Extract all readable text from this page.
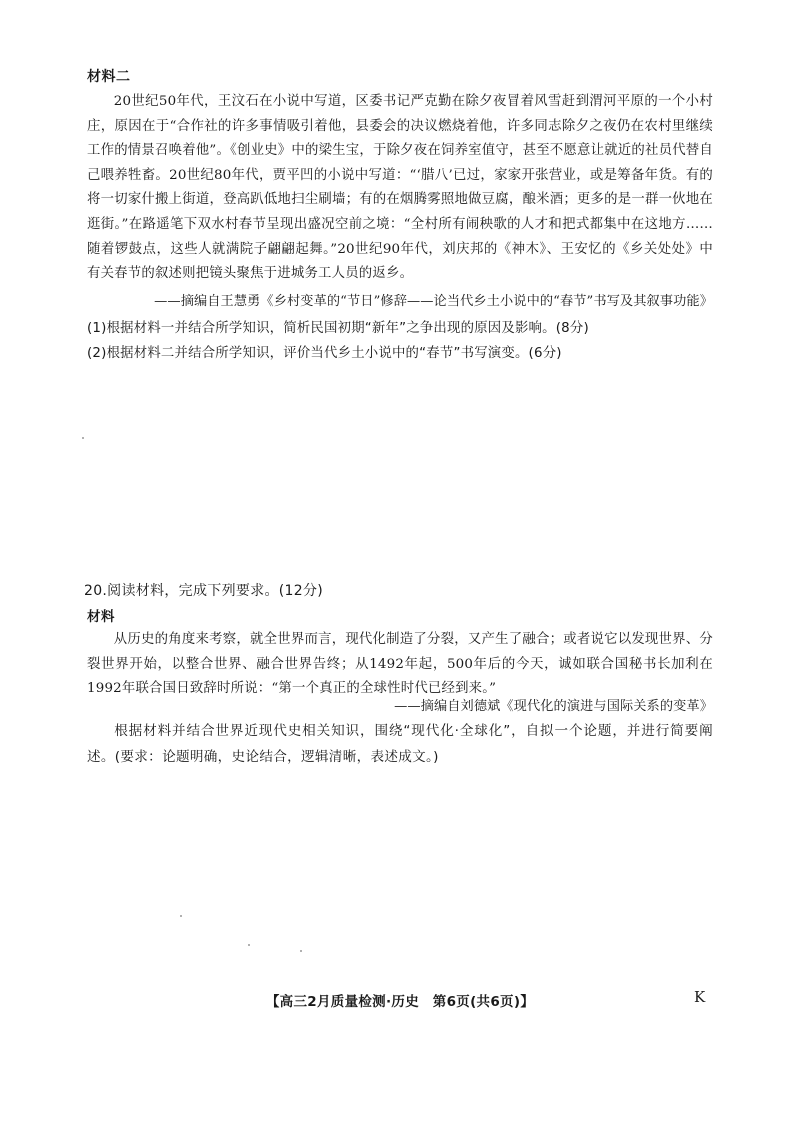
材料二

20世纪50年代，王汶石在小说中写道，区委书记严克勤在除夕夜冒着风雪赶到渭河平原的一个小村庄，原因在于“合作社的许多事情吸引着他，县委会的决议燃烧着他，许多同志除夕之夜仍在农村里继续工作的情景召唤着他”。《创业史》中的梁生宝，于除夕夜在饲养室值守，甚至不愿意让就近的社员代替自己喂养牲畜。20世纪80年代，贾平凹的小说中写道：“‘腊八’已过，家家开张营业，或是筹备年货。有的将一切家什搬上街道，登高趴低地扫尘刷墙；有的在烟腾雾照地做豆腐，酿米酒；更多的是一群一伙地在逛街。”在路遥笔下双水村春节呈现出盛况空前之境：“全村所有闹秧歌的人才和把式都集中在这地方……随着锣鼓点，这些人就满院子翩翩起舞。”20世纪90年代，刘庆邦的《神木》、王安忆的《乡关处处》中有关春节的叙述则把镜头聚焦于进城务工人员的返乡。

——摘编自王慧勇《乡村变革的“节日”修辞——论当代乡土小说中的“春节”书写及其叙事功能》
(1)根据材料一并结合所学知识，简析民国初期“新年”之争出现的原因及影响。(8分)
(2)根据材料二并结合所学知识，评价当代乡土小说中的“春节”书写演变。(6分)
20.阅读材料，完成下列要求。(12分)
材料

从历史的角度来考察，就全世界而言，现代化制造了分裂，又产生了融合；或者说它以发现世界、分裂世界开始，以整合世界、融合世界告终；从1492年起，500年后的今天，诚如联合国秘书长加利在1992年联合国日致辞时所说：“第一个真正的全球性时代已经到来。”

——摘编自刘德斌《现代化的演进与国际关系的变革》

根据材料并结合世界近现代史相关知识，围绕“现代化·全球化”，自拟一个论题，并进行简要阐述。(要求：论题明确，史论结合，逻辑清晰，表述成文。)

【高三2月质量检测·历史　第6页(共6页)】	K
